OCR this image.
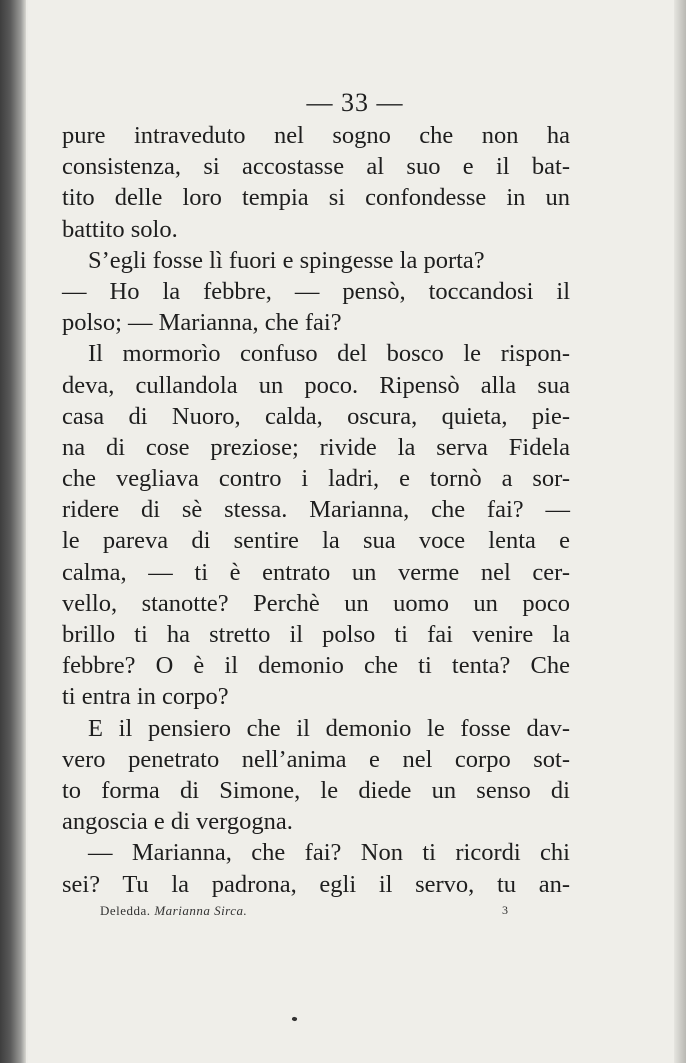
— 33 —
pure intraveduto nel sogno che non ha
consistenza, si accostasse al suo e il bat-
tito delle loro tempia si confondesse in un
battito solo.
S’egli fosse lì fuori e spingesse la porta?
— Ho la febbre, — pensò, toccandosi il
polso; — Marianna, che fai?
Il mormorìo confuso del bosco le rispon-
deva, cullandola un poco. Ripensò alla sua
casa di Nuoro, calda, oscura, quieta, pie-
na di cose preziose; rivide la serva Fidela
che vegliava contro i ladri, e tornò a sor-
ridere di sè stessa. Marianna, che fai? —
le pareva di sentire la sua voce lenta e
calma, — ti è entrato un verme nel cer-
vello, stanotte? Perchè un uomo un poco
brillo ti ha stretto il polso ti fai venire la
febbre? O è il demonio che ti tenta? Che
ti entra in corpo?
E il pensiero che il demonio le fosse dav-
vero penetrato nell’anima e nel corpo sot-
to forma di Simone, le diede un senso di
angoscia e di vergogna.
— Marianna, che fai? Non ti ricordi chi
sei? Tu la padrona, egli il servo, tu an-
Deledda. Marianna Sirca.	3
